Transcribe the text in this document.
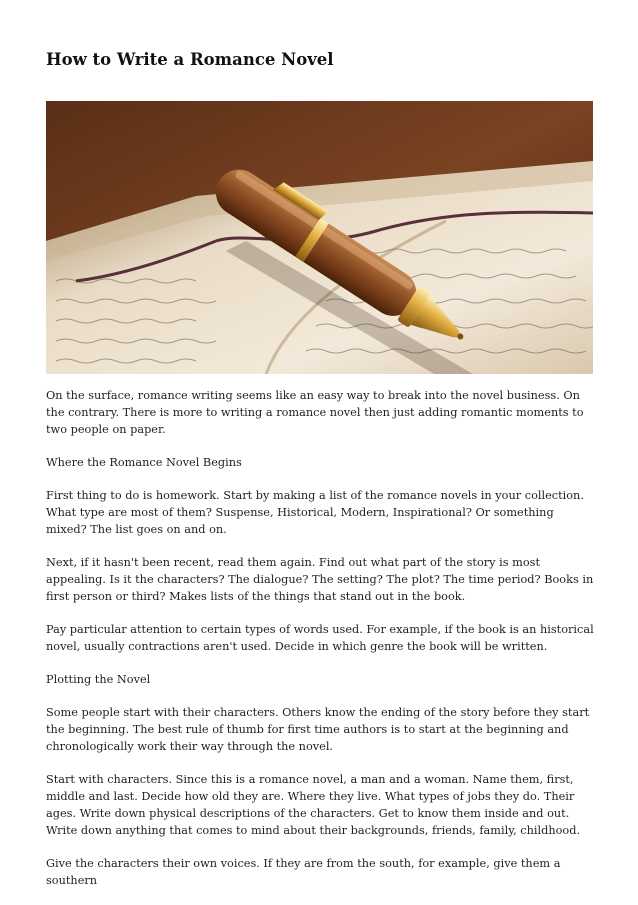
How to Write a Romance Novel

On the surface, romance writing seems like an easy way to break into the novel business. On the contrary. There is more to writing a romance novel then just adding romantic moments to two people on paper.

Where the Romance Novel Begins

First thing to do is homework. Start by making a list of the romance novels in your collection. What type are most of them? Suspense, Historical, Modern, Inspirational? Or something mixed? The list goes on and on.

Next, if it hasn't been recent, read them again. Find out what part of the story is most appealing. Is it the characters? The dialogue? The setting? The plot? The time period? Books in first person or third? Makes lists of the things that stand out in the book.

Pay particular attention to certain types of words used. For example, if the book is an historical novel, usually contractions aren't used. Decide in which genre the book will be written.

Plotting the Novel

Some people start with their characters. Others know the ending of the story before they start the beginning. The best rule of thumb for first time authors is to start at the beginning and chronologically work their way through the novel.

Start with characters. Since this is a romance novel, a man and a woman. Name them, first, middle and last. Decide how old they are. Where they live. What types of jobs they do. Their ages. Write down physical descriptions of the characters. Get to know them inside and out. Write down anything that comes to mind about their backgrounds, friends, family, childhood.

Give the characters their own voices. If they are from the south, for example, give them a southern
